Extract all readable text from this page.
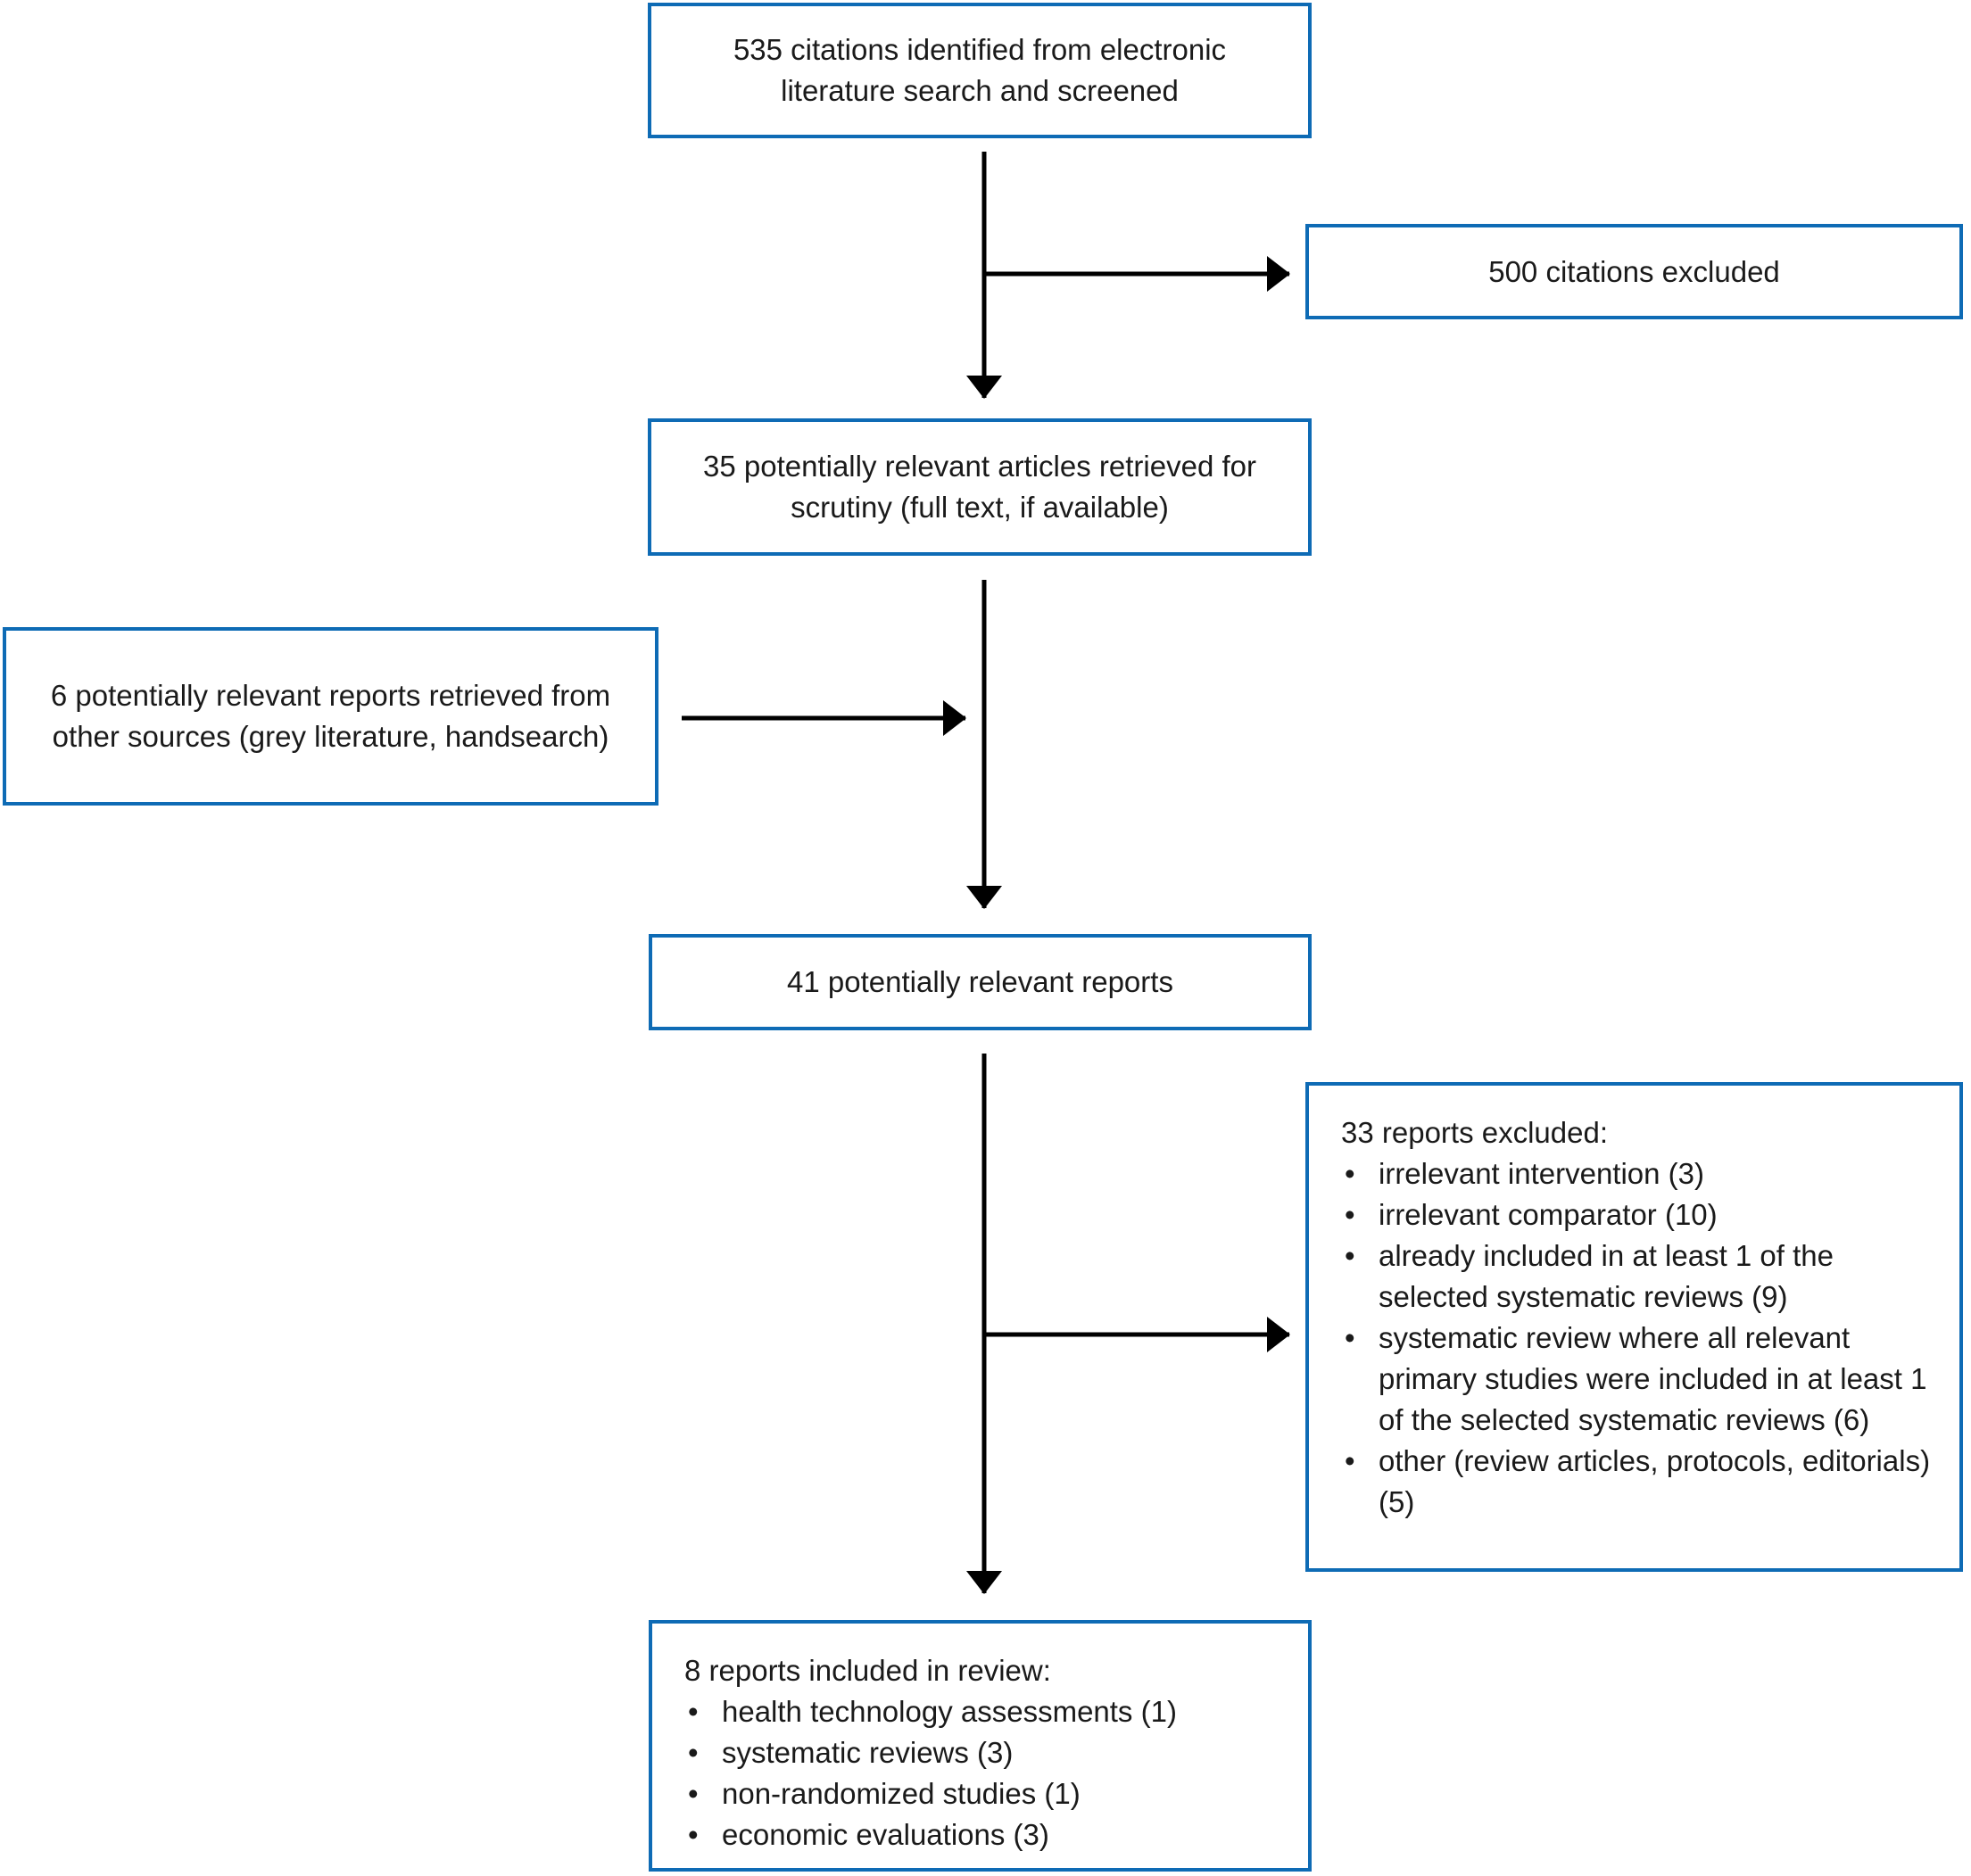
535 citations identified from electronic literature search and screened
500 citations excluded
35 potentially relevant articles retrieved for scrutiny (full text, if available)
6 potentially relevant reports retrieved from other sources (grey literature, handsearch)
41 potentially relevant reports
33 reports excluded:
• irrelevant intervention (3)
• irrelevant comparator (10)
• already included in at least 1 of the selected systematic reviews (9)
• systematic review where all relevant primary studies were included in at least 1 of the selected systematic reviews (6)
• other (review articles, protocols, editorials) (5)
8 reports included in review:
• health technology assessments (1)
• systematic reviews (3)
• non-randomized studies (1)
• economic evaluations (3)
